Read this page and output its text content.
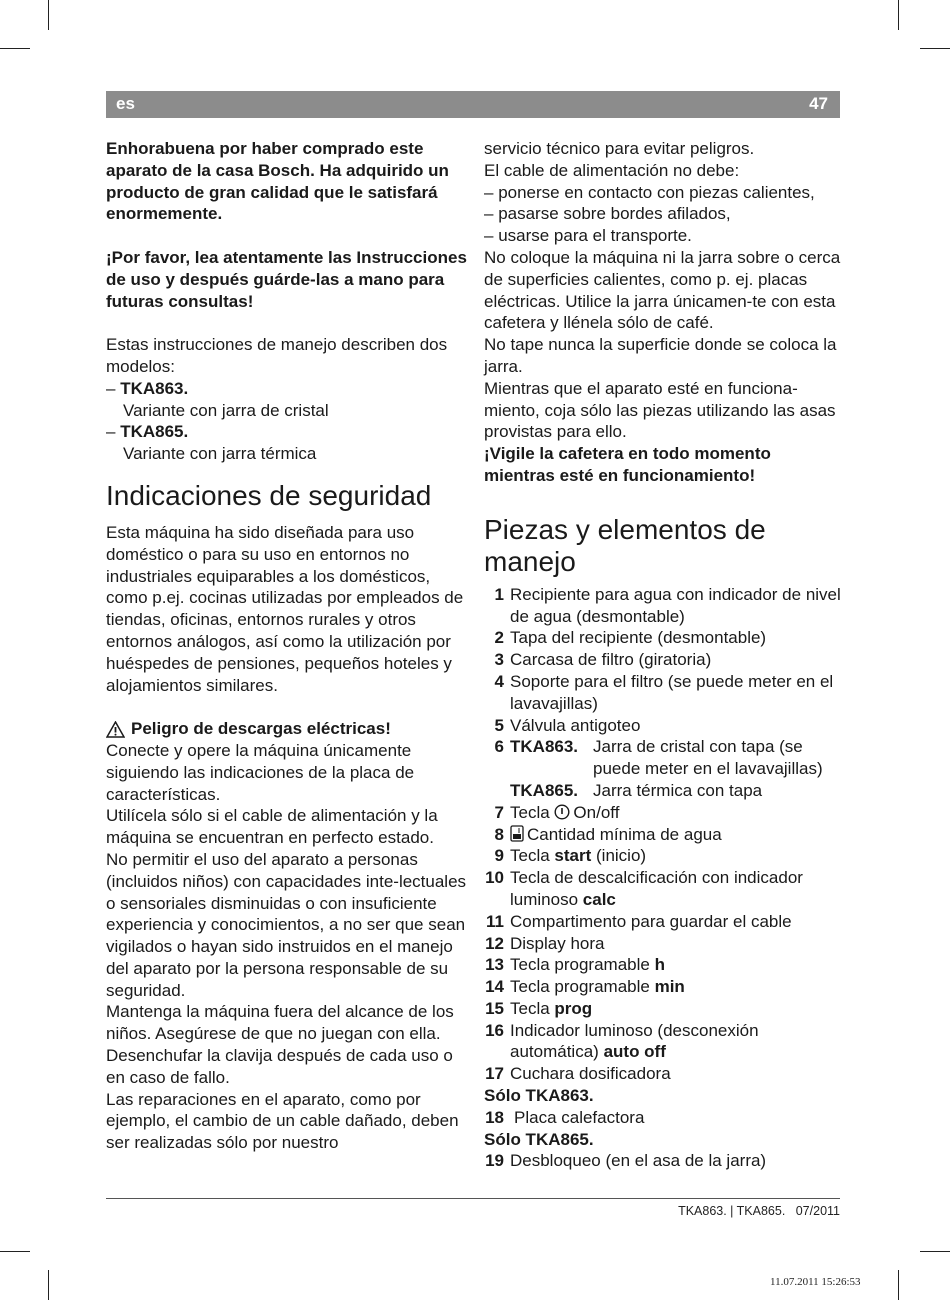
es	47

Enhorabuena por haber comprado este aparato de la casa Bosch. Ha adquirido un producto de gran calidad que le satisfará enormemente.

¡Por favor, lea atentamente las Instrucciones de uso y después guárde-las a mano para futuras consultas!

Estas instrucciones de manejo describen dos modelos:

– TKA863.

Variante con jarra de cristal

– TKA865.

Variante con jarra térmica

Indicaciones de seguridad

Esta máquina ha sido diseñada para uso doméstico o para su uso en entornos no industriales equiparables a los domésticos, como p.ej. cocinas utilizadas por empleados de tiendas, oficinas, entornos rurales y otros entornos análogos, así como la utilización por huéspedes de pensiones, pequeños hoteles y alojamientos similares.

Peligro de descargas eléctricas!

Conecte y opere la máquina únicamente siguiendo las indicaciones de la placa de características.

Utilícela sólo si el cable de alimentación y la máquina se encuentran en perfecto estado.

No permitir el uso del aparato a personas (incluidos niños) con capacidades inte-lectuales o sensoriales disminuidas o con insuficiente experiencia y conocimientos, a no ser que sean vigilados o hayan sido instruidos en el manejo del aparato por la persona responsable de su seguridad.

Mantenga la máquina fuera del alcance de los niños. Asegúrese de que no juegan con ella.

Desenchufar la clavija después de cada uso o en caso de fallo.

Las reparaciones en el aparato, como por ejemplo, el cambio de un cable dañado, deben ser realizadas sólo por nuestro

servicio técnico para evitar peligros.

El cable de alimentación no debe:

– ponerse en contacto con piezas calientes,

– pasarse sobre bordes afilados,

– usarse para el transporte.

No coloque la máquina ni la jarra sobre o cerca de superficies calientes, como p. ej. placas eléctricas. Utilice la jarra únicamen-te con esta cafetera y llénela sólo de café.

No tape nunca la superficie donde se coloca la jarra.

Mientras que el aparato esté en funciona-miento, coja sólo las piezas utilizando las asas provistas para ello.

¡Vigile la cafetera en todo momento mientras esté en funcionamiento!

Piezas y elementos de manejo
1 Recipiente para agua con indicador de nivel de agua (desmontable)
2 Tapa del recipiente (desmontable)
3 Carcasa de filtro (giratoria)
4 Soporte para el filtro (se puede meter en el lavavajillas)
5 Válvula antigoteo
6 TKA863. Jarra de cristal con tapa (se puede meter en el lavavajillas)
TKA865. Jarra térmica con tapa
7 Tecla On/off
8	Cantidad mínima de agua
9 Tecla start (inicio)
10 Tecla de descalcificación con indicador luminoso calc
11 Compartimento para guardar el cable
12 Display hora
13 Tecla programable h
14 Tecla programable min
15 Tecla prog
16 Indicador luminoso (desconexión automática) auto off
17 Cuchara dosificadora

Sólo TKA863.

18 Placa calefactora

Sólo TKA865.

19 Desbloqueo (en el asa de la jarra)
TKA863. | TKA865. 07/2011
11.07.2011 15:26:53
